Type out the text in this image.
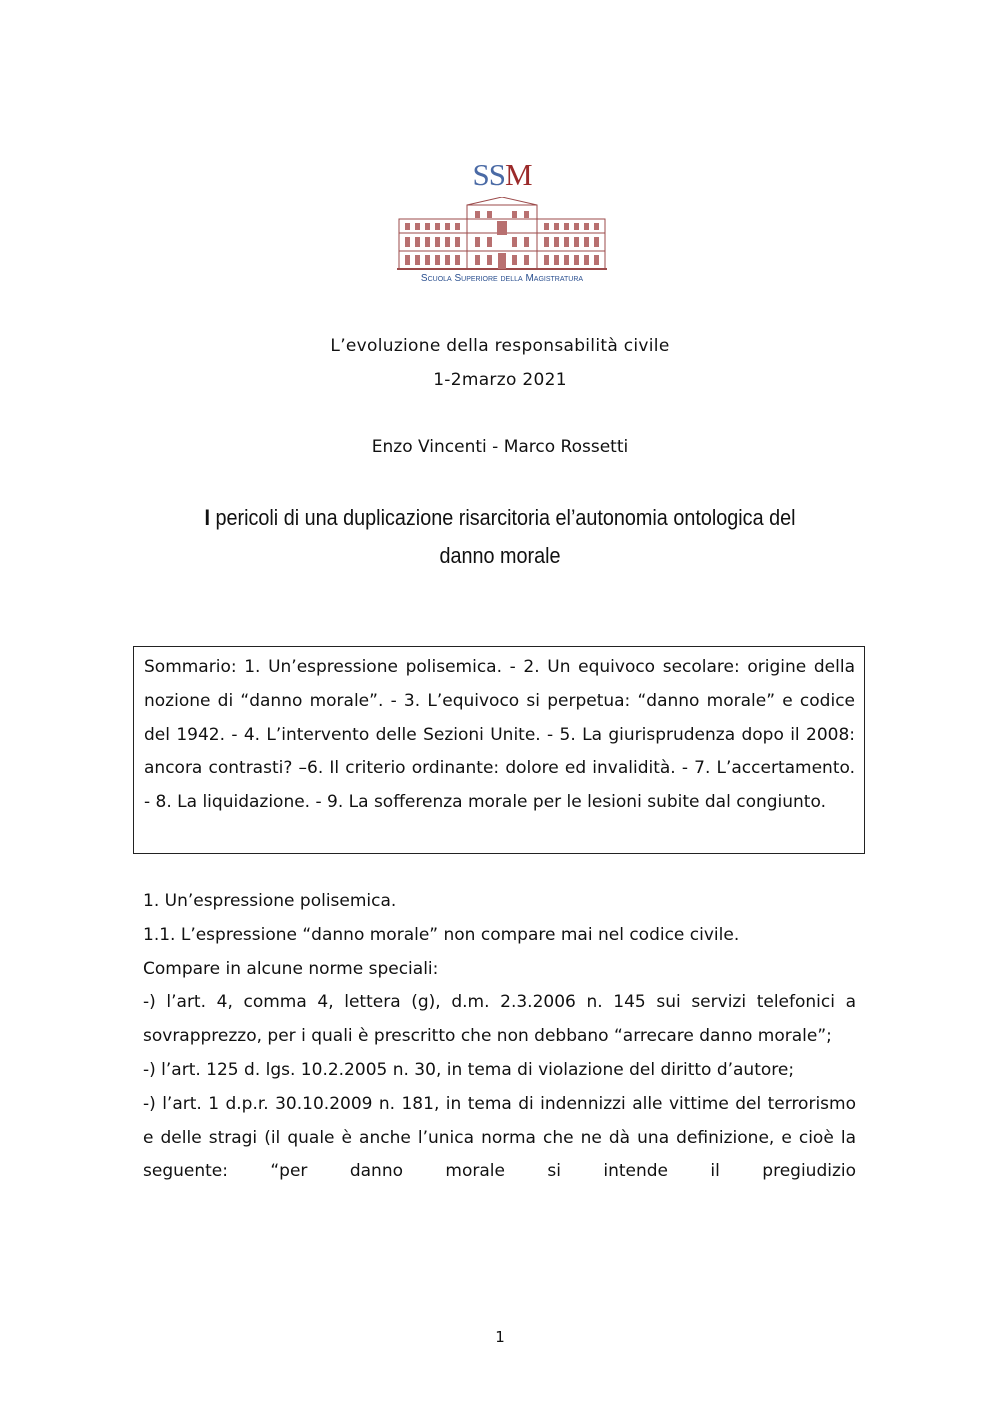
SSM
Scuola Superiore della Magistratura
L’evoluzione della responsabilità civile
1-2marzo 2021
Enzo Vincenti - Marco Rossetti
I pericoli di una duplicazione risarcitoria el’autonomia ontologica del
danno morale

Sommario: 1. Un’espressione polisemica. - 2. Un equivoco secolare: origine della nozione di “danno morale”. - 3. L’equivoco si perpetua: “danno morale” e codice del 1942. - 4. L’intervento delle Sezioni Unite. - 5. La giurisprudenza dopo il 2008: ancora contrasti? –6. Il criterio ordinante: dolore ed invalidità. - 7. L’accertamento. - 8. La liquidazione. - 9. La sofferenza morale per le lesioni subite dal congiunto.

1. Un’espressione polisemica.

1.1. L’espressione “danno morale” non compare mai nel codice civile.

Compare in alcune norme speciali:

-) l’art. 4, comma 4, lettera (g), d.m. 2.3.2006 n. 145 sui servizi telefonici a sovrapprezzo, per i quali è prescritto che non debbano “arrecare danno morale”;

-) l’art. 125 d. lgs. 10.2.2005 n. 30, in tema di violazione del diritto d’autore;

-) l’art. 1 d.p.r. 30.10.2009 n. 181, in tema di indennizzi alle vittime del terrorismo e delle stragi (il quale è anche l’unica norma che ne dà una definizione, e cioè la seguente: “per danno morale si intende il pregiudizio

1
